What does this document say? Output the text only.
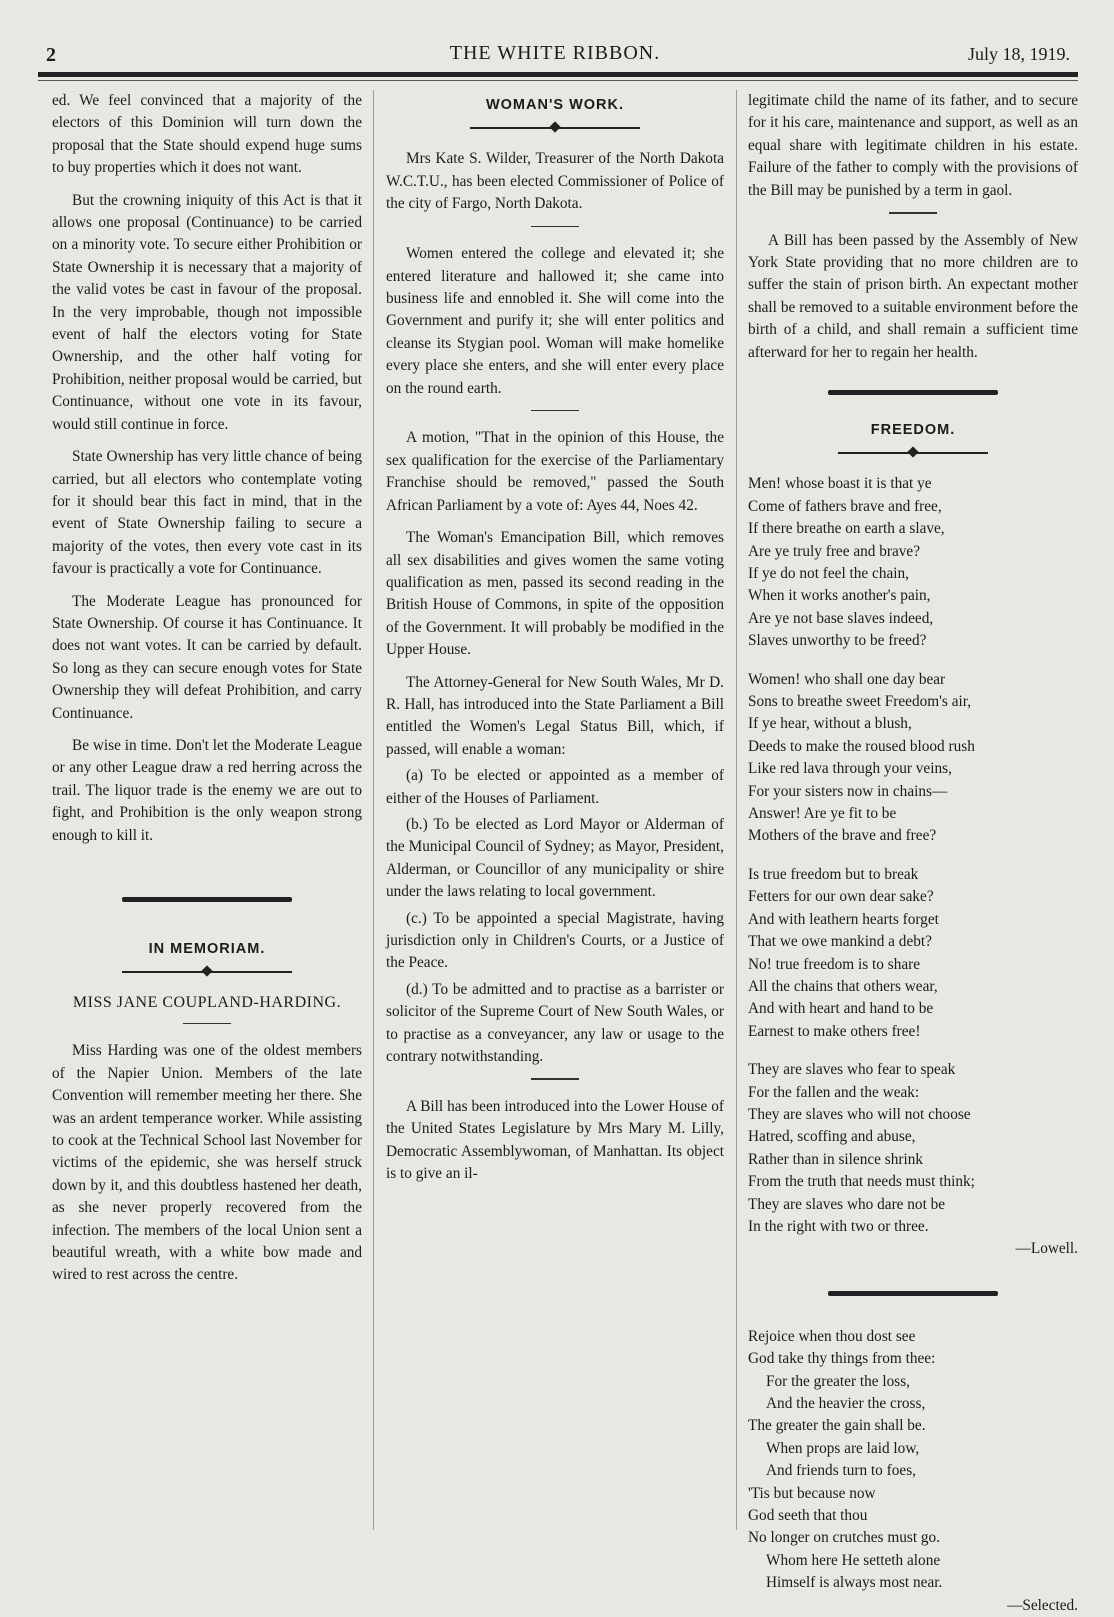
2	THE WHITE RIBBON.	July 18, 1919.

ed. We feel convinced that a majority of the electors of this Dominion will turn down the proposal that the State should expend huge sums to buy properties which it does not want.

But the crowning iniquity of this Act is that it allows one proposal (Continuance) to be carried on a minority vote. To secure either Prohibition or State Ownership it is necessary that a majority of the valid votes be cast in favour of the proposal. In the very improbable, though not impossible event of half the electors voting for State Ownership, and the other half voting for Prohibition, neither proposal would be carried, but Continuance, without one vote in its favour, would still continue in force.

State Ownership has very little chance of being carried, but all electors who contemplate voting for it should bear this fact in mind, that in the event of State Ownership failing to secure a majority of the votes, then every vote cast in its favour is practically a vote for Continuance.

The Moderate League has pronounced for State Ownership. Of course it has Continuance. It does not want votes. It can be carried by default. So long as they can secure enough votes for State Ownership they will defeat Prohibition, and carry Continuance.

Be wise in time. Don't let the Moderate League or any other League draw a red herring across the trail. The liquor trade is the enemy we are out to fight, and Prohibition is the only weapon strong enough to kill it.

IN MEMORIAM.
MISS JANE COUPLAND-HARDING.

Miss Harding was one of the oldest members of the Napier Union. Members of the late Convention will remember meeting her there. She was an ardent temperance worker. While assisting to cook at the Technical School last November for victims of the epidemic, she was herself struck down by it, and this doubtless hastened her death, as she never properly recovered from the infection. The members of the local Union sent a beautiful wreath, with a white bow made and wired to rest across the centre.

WOMAN'S WORK.

Mrs Kate S. Wilder, Treasurer of the North Dakota W.C.T.U., has been elected Commissioner of Police of the city of Fargo, North Dakota.

Women entered the college and elevated it; she entered literature and hallowed it; she came into business life and ennobled it. She will come into the Government and purify it; she will enter politics and cleanse its Stygian pool. Woman will make homelike every place she enters, and she will enter every place on the round earth.

A motion, "That in the opinion of this House, the sex qualification for the exercise of the Parliamentary Franchise should be removed," passed the South African Parliament by a vote of: Ayes 44, Noes 42.

The Woman's Emancipation Bill, which removes all sex disabilities and gives women the same voting qualification as men, passed its second reading in the British House of Commons, in spite of the opposition of the Government. It will probably be modified in the Upper House.

The Attorney-General for New South Wales, Mr D. R. Hall, has introduced into the State Parliament a Bill entitled the Women's Legal Status Bill, which, if passed, will enable a woman:

(a) To be elected or appointed as a member of either of the Houses of Parliament.

(b.) To be elected as Lord Mayor or Alderman of the Municipal Council of Sydney; as Mayor, President, Alderman, or Councillor of any municipality or shire under the laws relating to local government.

(c.) To be appointed a special Magistrate, having jurisdiction only in Children's Courts, or a Justice of the Peace.

(d.) To be admitted and to practise as a barrister or solicitor of the Supreme Court of New South Wales, or to practise as a conveyancer, any law or usage to the contrary notwithstanding.

A Bill has been introduced into the Lower House of the United States Legislature by Mrs Mary M. Lilly, Democratic Assemblywoman, of Manhattan. Its object is to give an il-

legitimate child the name of its father, and to secure for it his care, maintenance and support, as well as an equal share with legitimate children in his estate. Failure of the father to comply with the provisions of the Bill may be punished by a term in gaol.

A Bill has been passed by the Assembly of New York State providing that no more children are to suffer the stain of prison birth. An expectant mother shall be removed to a suitable environment before the birth of a child, and shall remain a sufficient time afterward for her to regain her health.

FREEDOM.
Men! whose boast it is that ye
Come of fathers brave and free,
If there breathe on earth a slave,
Are ye truly free and brave?
If ye do not feel the chain,
When it works another's pain,
Are ye not base slaves indeed,
Slaves unworthy to be freed?
Women! who shall one day bear
Sons to breathe sweet Freedom's air,
If ye hear, without a blush,
Deeds to make the roused blood rush
Like red lava through your veins,
For your sisters now in chains—
Answer! Are ye fit to be
Mothers of the brave and free?
Is true freedom but to break
Fetters for our own dear sake?
And with leathern hearts forget
That we owe mankind a debt?
No! true freedom is to share
All the chains that others wear,
And with heart and hand to be
Earnest to make others free!
They are slaves who fear to speak
For the fallen and the weak:
They are slaves who will not choose
Hatred, scoffing and abuse,
Rather than in silence shrink
From the truth that needs must think;
They are slaves who dare not be
In the right with two or three.
—Lowell.
Rejoice when thou dost see
God take thy things from thee:
For the greater the loss,
And the heavier the cross,
The greater the gain shall be.
When props are laid low,
And friends turn to foes,
'Tis but because now
God seeth that thou
No longer on crutches must go.
Whom here He setteth alone
Himself is always most near.
—Selected.
